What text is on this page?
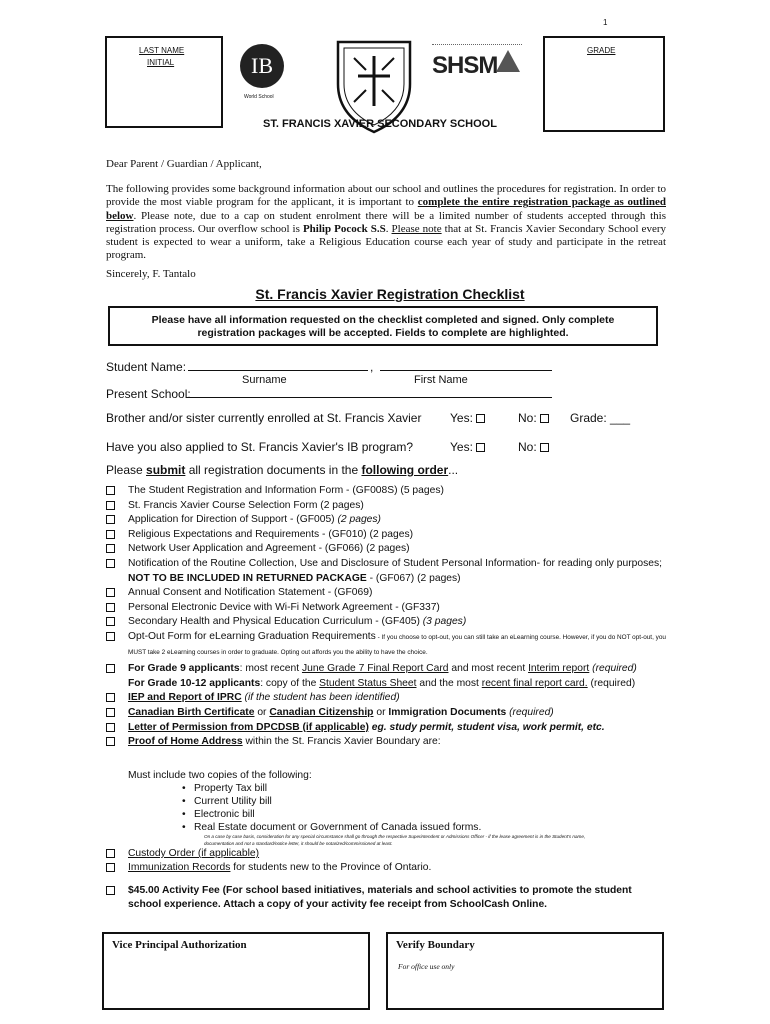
1
LAST NAME
INITIAL	IB
World School
SHSM
GRADE
ST. FRANCIS XAVIER SECONDARY SCHOOL
Dear Parent / Guardian / Applicant,
The following provides some background information about our school and outlines the procedures for registration. In order to provide the most viable program for the applicant, it is important to complete the entire registration package as outlined below. Please note, due to a cap on student enrolment there will be a limited number of students accepted through this registration process. Our overflow school is Philip Pocock S.S. Please note that at St. Francis Xavier Secondary School every student is expected to wear a uniform, take a Religious Education course each year of study and participate in the retreat program.
Sincerely, F. Tantalo
St. Francis Xavier Registration Checklist
Please have all information requested on the checklist completed and signed. Only complete
registration packages will be accepted. Fields to complete are highlighted.
Student Name:	,
Surname	First Name
Present School:
Brother and/or sister currently enrolled at St. Francis Xavier Yes:	No:	Grade: ___
Have you also applied to St. Francis Xavier's IB program?	Yes:	No:
Please submit all registration documents in the following order...
The Student Registration and Information Form - (GF008S) (5 pages)
St. Francis Xavier Course Selection Form (2 pages)
Application for Direction of Support - (GF005) (2 pages)
Religious Expectations and Requirements - (GF010) (2 pages)
Network User Application and Agreement - (GF066) (2 pages)
Notification of the Routine Collection, Use and Disclosure of Student Personal Information- for reading only purposes; NOT TO BE INCLUDED IN RETURNED PACKAGE - (GF067) (2 pages)
Annual Consent and Notification Statement - (GF069)
Personal Electronic Device with Wi-Fi Network Agreement - (GF337)
Secondary Health and Physical Education Curriculum - (GF405) (3 pages)
Opt-Out Form for eLearning Graduation Requirements - If you choose to opt-out, you can still take an eLearning course. However, if you do NOT opt-out, you MUST take 2 eLearning courses in order to graduate. Opting out affords you the ability to have the choice.
For Grade 9 applicants: most recent June Grade 7 Final Report Card and most recent Interim report (required)
For Grade 10-12 applicants: copy of the Student Status Sheet and the most recent final report card. (required)
IEP and Report of IPRC (if the student has been identified)
Canadian Birth Certificate or Canadian Citizenship or Immigration Documents (required)
Letter of Permission from DPCDSB (if applicable) eg. study permit, student visa, work permit, etc.
Proof of Home Address within the St. Francis Xavier Boundary are:
Must include two copies of the following:
• Property Tax bill
• Current Utility bill
• Electronic bill
• Real Estate document or Government of Canada issued forms.
On a case by case basis, consideration for any special circumstance shall go through the respective Superintendent or Admissions Officer - if the lease agreement is in the Student's name,
documentation and not a standard/notice letter, it should be notarized/commissioned at least.
Custody Order (if applicable)
Immunization Records for students new to the Province of Ontario.
$45.00 Activity Fee (For school based initiatives, materials and school activities to promote the student school experience. Attach a copy of your activity fee receipt from SchoolCash Online.
Vice Principal Authorization	Verify Boundary
For office use only
